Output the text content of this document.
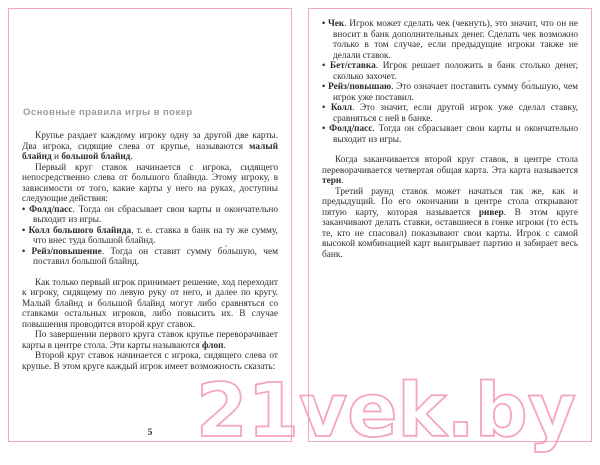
Основные правила игры в покер

Крупье раздает каждому игроку одну за другой две карты. Два игрока, сидящие слева от крупье, называются малый блайнд и большой блайнд.

Первый круг ставок начинается с игрока, сидящего непосредственно слева от большого блайнда. Этому игроку, в зависимости от того, какие карты у него на руках, доступны следующие действия:

• Фолд/пасс. Тогда он сбрасывает свои карты и окончательно выходит из игры.

• Колл большого блайнда, т. е. ставка в банк на ту же сумму, что внес туда большой блайнд.

• Рейз/повышение. Тогда он ставит сумму бо́льшую, чем поставил большой блайнд.

Как только первый игрок принимает решение, ход переходит к игроку, сидящему по левую руку от него, и далее по кругу. Малый блайнд и большой блайнд могут либо сравняться со ставками остальных игроков, либо повысить их. В случае повышения проводится второй круг ставок.

По завершении первого круга ставок крупье переворачивает карты в центре стола. Эти карты называются флоп.

Второй круг ставок начинается с игрока, сидящего слева от крупье. В этом круге каждый игрок имеет возможность сказать:

5

• Чек. Игрок может сделать чек (чекнуть), это значит, что он не вносит в банк дополнительных денег. Сделать чек возможно только в том случае, если предыдущие игроки также не делали ставок.

• Бет/ставка. Игрок решает положить в банк столько денег, сколько захочет.

• Рейз/повышаю. Это означает поставить сумму бо́льшую, чем игрок уже поставил.

• Колл. Это значит, если другой игрок уже сделал ставку, сравняться с ней в банке.

• Фолд/пасс. Тогда он сбрасывает свои карты и окончательно выходит из игры.

Когда заканчивается второй круг ставок, в центре стола переворачивается четвертая общая карта. Эта карта называется терн.

Третий раунд ставок может начаться так же, как и предыдущий. По его окончании в центре стола открывают пятую карту, которая называется ривер. В этом круге заканчивают делать ставки, оставшиеся в гонке игроки (то есть те, кто не спасовал) показывают свои карты. Игрок с самой высокой комбинацией карт выигрывает партию и забирает весь банк.

21vek.by
